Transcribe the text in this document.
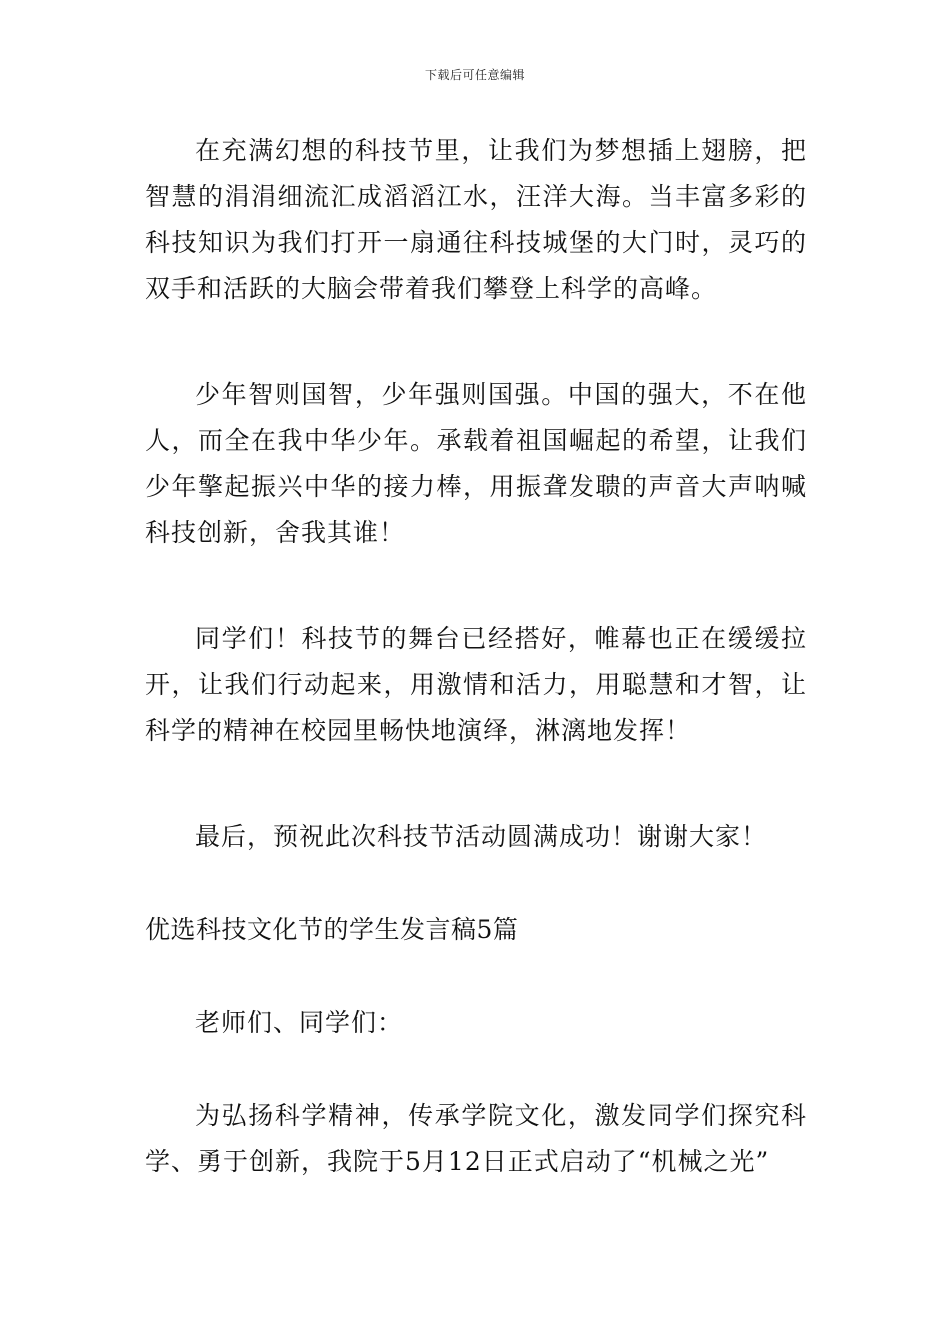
下载后可任意编辑

在充满幻想的科技节里，让我们为梦想插上翅膀，把智慧的涓涓细流汇成滔滔江水，汪洋大海。当丰富多彩的科技知识为我们打开一扇通往科技城堡的大门时，灵巧的双手和活跃的大脑会带着我们攀登上科学的高峰。

少年智则国智，少年强则国强。中国的强大，不在他人，而全在我中华少年。承载着祖国崛起的希望，让我们少年擎起振兴中华的接力棒，用振聋发聩的声音大声呐喊科技创新，舍我其谁！

同学们！科技节的舞台已经搭好，帷幕也正在缓缓拉开，让我们行动起来，用激情和活力，用聪慧和才智，让科学的精神在校园里畅快地演绎，淋漓地发挥！

最后，预祝此次科技节活动圆满成功！谢谢大家！

优选科技文化节的学生发言稿5篇

老师们、同学们：

为弘扬科学精神，传承学院文化，激发同学们探究科学、勇于创新，我院于5月12日正式启动了“机械之光”
